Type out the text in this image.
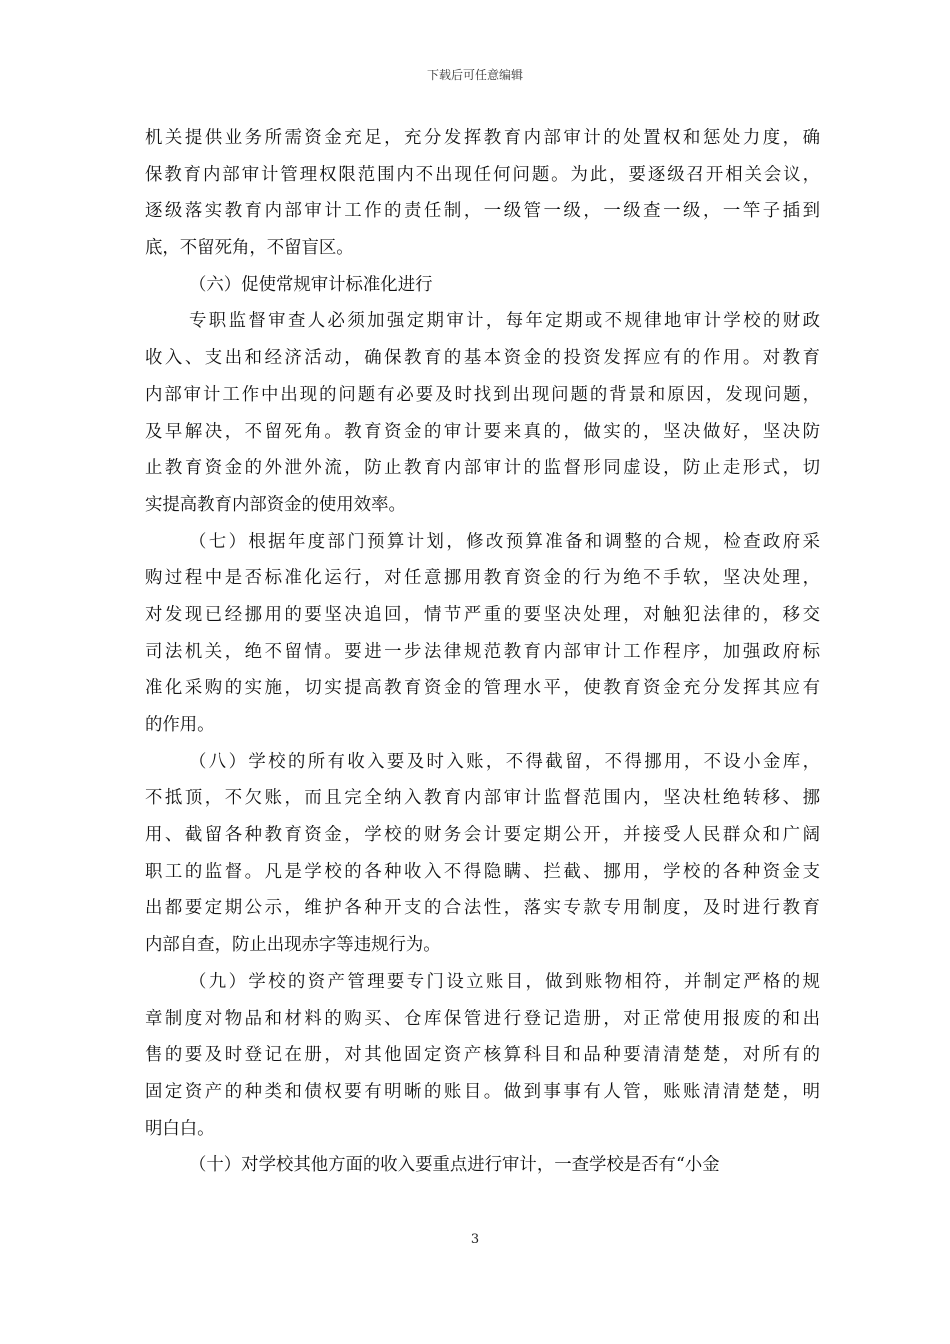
下载后可任意编辑
机关提供业务所需资金充足，充分发挥教育内部审计的处置权和惩处力度，确
保教育内部审计管理权限范围内不出现任何问题。为此，要逐级召开相关会议，
逐级落实教育内部审计工作的责任制，一级管一级，一级查一级，一竿子插到
底，不留死角，不留盲区。
（六）促使常规审计标准化进行
专职监督审查人必须加强定期审计，每年定期或不规律地审计学校的财政
收入、支出和经济活动，确保教育的基本资金的投资发挥应有的作用。对教育
内部审计工作中出现的问题有必要及时找到出现问题的背景和原因，发现问题，
及早解决，不留死角。教育资金的审计要来真的，做实的，坚决做好，坚决防
止教育资金的外泄外流，防止教育内部审计的监督形同虚设，防止走形式，切
实提高教育内部资金的使用效率。
（七）根据年度部门预算计划，修改预算准备和调整的合规，检查政府采
购过程中是否标准化运行，对任意挪用教育资金的行为绝不手软，坚决处理，
对发现已经挪用的要坚决追回，情节严重的要坚决处理，对触犯法律的，移交
司法机关，绝不留情。要进一步法律规范教育内部审计工作程序，加强政府标
准化采购的实施，切实提高教育资金的管理水平，使教育资金充分发挥其应有
的作用。
（八）学校的所有收入要及时入账，不得截留，不得挪用，不设小金库，
不抵顶，不欠账，而且完全纳入教育内部审计监督范围内，坚决杜绝转移、挪
用、截留各种教育资金，学校的财务会计要定期公开，并接受人民群众和广阔
职工的监督。凡是学校的各种收入不得隐瞒、拦截、挪用，学校的各种资金支
出都要定期公示，维护各种开支的合法性，落实专款专用制度，及时进行教育
内部自查，防止出现赤字等违规行为。
（九）学校的资产管理要专门设立账目，做到账物相符，并制定严格的规
章制度对物品和材料的购买、仓库保管进行登记造册，对正常使用报废的和出
售的要及时登记在册，对其他固定资产核算科目和品种要清清楚楚，对所有的
固定资产的种类和债权要有明晰的账目。做到事事有人管，账账清清楚楚，明
明白白。
（十）对学校其他方面的收入要重点进行审计，一查学校是否有“小金
3
